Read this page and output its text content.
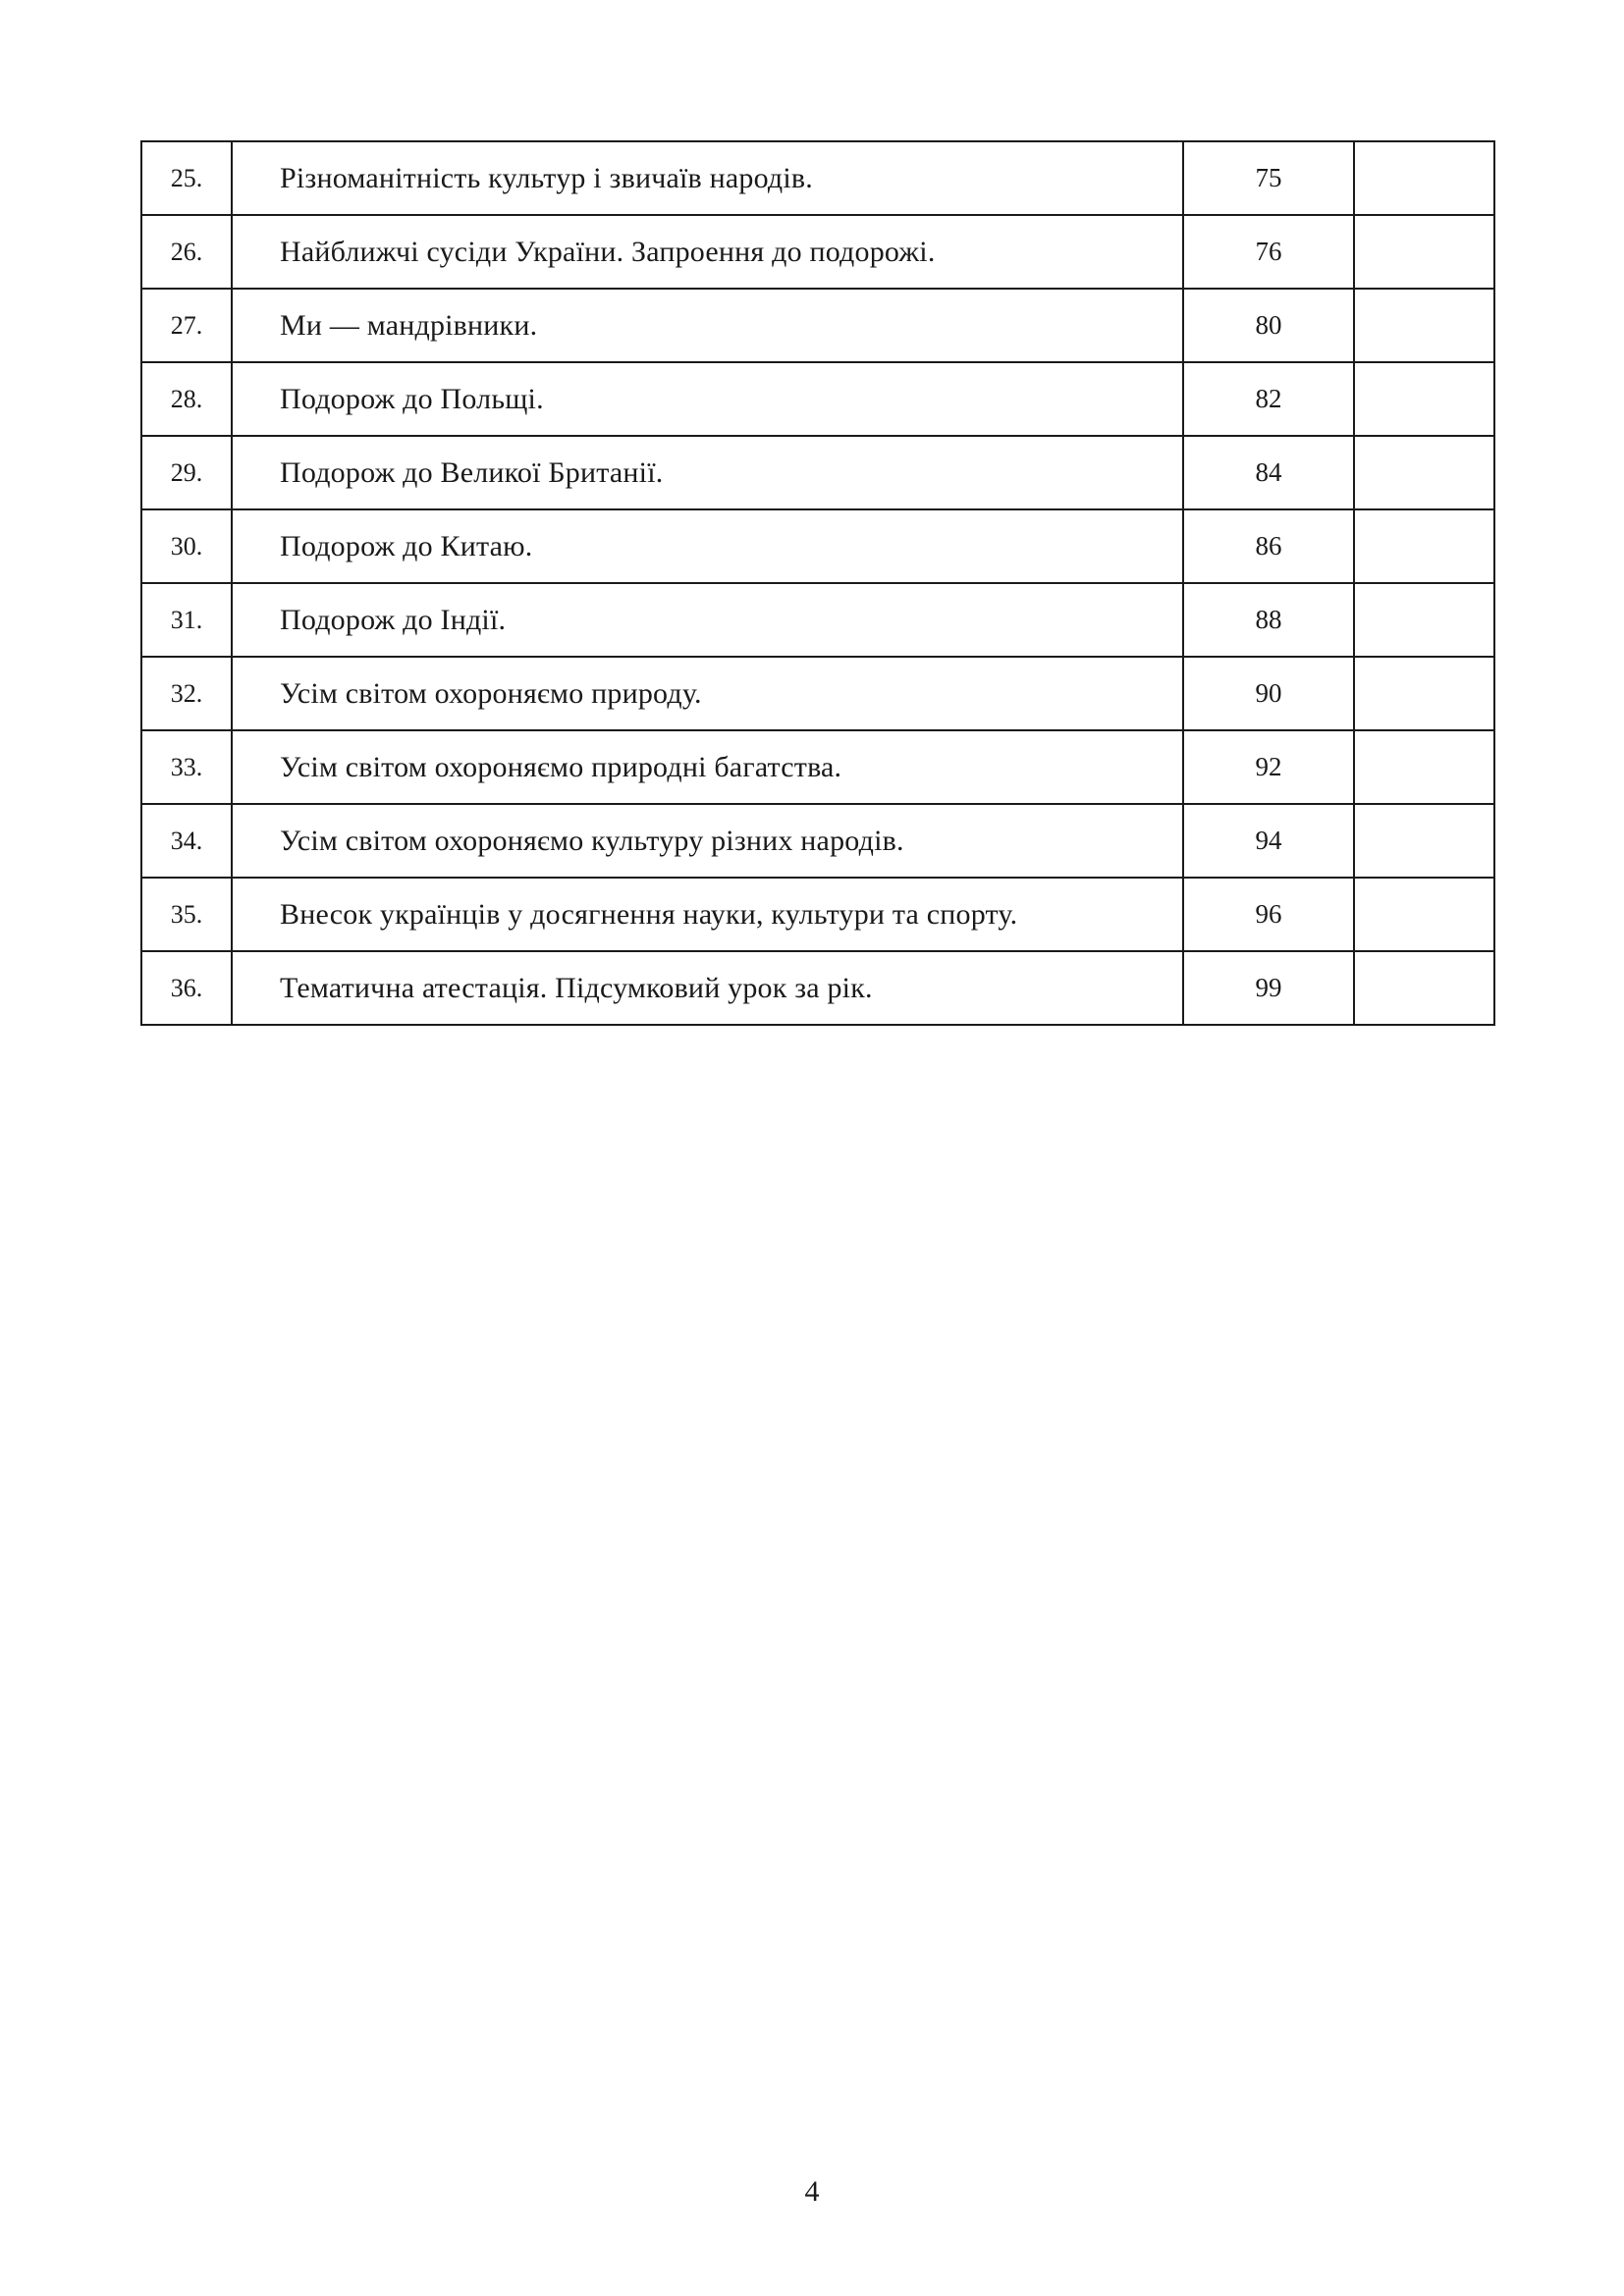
25.	Різноманітність культур і звичаїв народів.	75	
26.	Найближчі сусіди України. Запроення до подорожі.	76	
27.	Ми — мандрівники.	80	
28.	Подорож до Польщі.	82	
29.	Подорож до Великої Британії.	84	
30.	Подорож до Китаю.	86	
31.	Подорож до Індії.	88	
32.	Усім світом охороняємо природу.	90	
33.	Усім світом охороняємо природні багатства.	92	
34.	Усім світом охороняємо культуру різних народів.	94	
35.	Внесок українців у досягнення науки, культури та спорту.	96	
36.	Тематична атестація. Підсумковий урок за рік.	99	
4
